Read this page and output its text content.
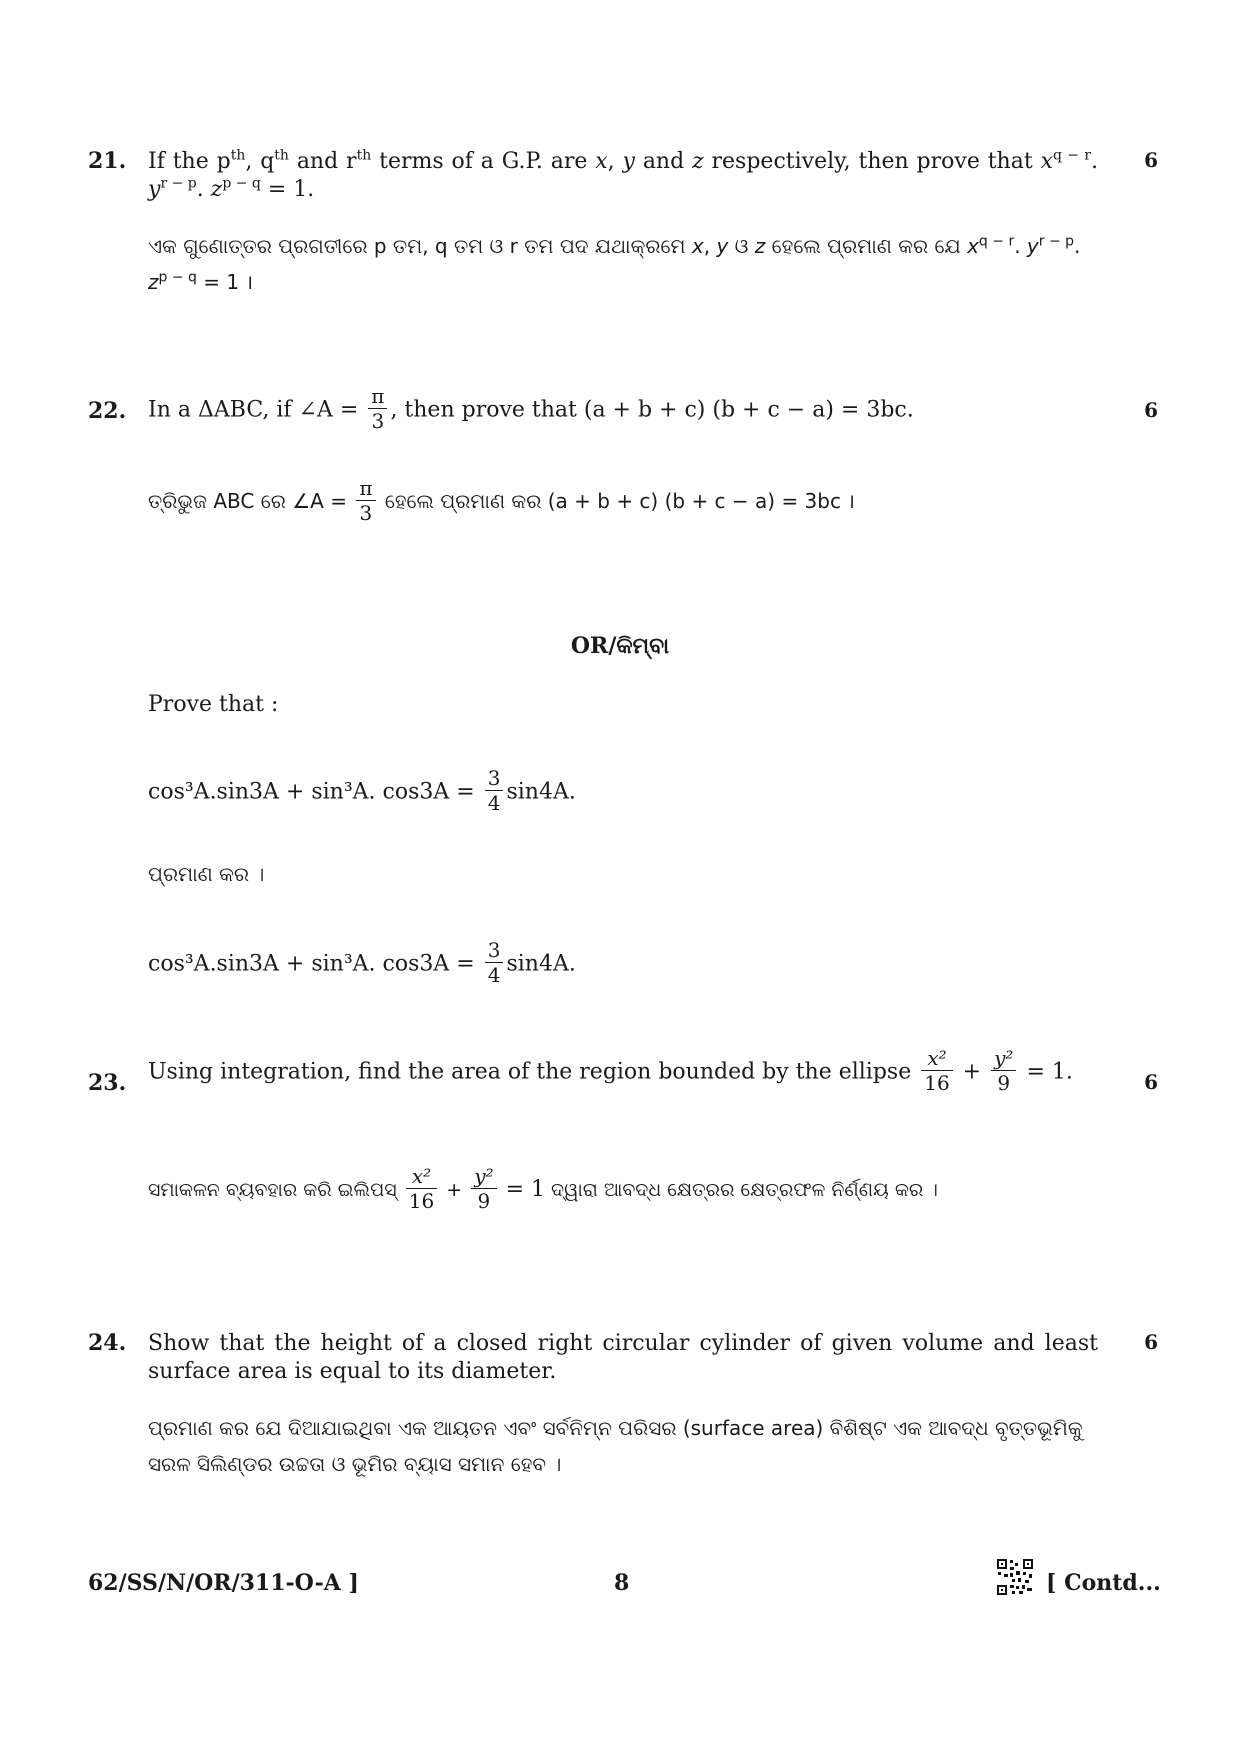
21.	6
If the $p^{th}$, $q^{th}$ and $r^{th}$ terms of a G.P. are x, y and z respectively, then prove that $x^{q - r}$. $y^{r - p}$. $z^{p - q} = 1$.
ଏକ ଗୁଣୋତ୍ତର ପ୍ରଗତୀରେ p ତମ, q ତମ ଓ r ତମ ପଦ ଯଥାକ୍ରମେ x, y ଓ z ହେଲେ ପ୍ରମାଣ କର ଯେ $x^{q - r}$. $y^{r - p}$. $z^{p - q} = 1$ ।
22.	6
In a ΔABC, if ∠A = $\frac{\pi}{3}$ , then prove that (a + b + c) (b + c − a) = 3bc.
ତ୍ରିଭୁଜ ABC ରେ ∠A = $\frac{\pi}{3}$ ହେଲେ ପ୍ରମାଣ କର (a + b + c) (b + c − a) = 3bc ।
OR/କିମ୍ବା
Prove that :
cos³A.sin3A + sin³A. $\cos 3A = \frac{3}{4} \sin 4A$.
ପ୍ରମାଣ କର ।
cos³A.sin3A + sin³A. $\cos 3A = \frac{3}{4} \sin 4A$.
23.	6
Using integration, find the area of the region bounded by the ellipse $\frac{\text{x²}}{16} + \frac{\text{y²}}{9} = 1$.
ସମାକଳନ ବ୍ୟବହାର କରି ଇଲିପସ୍ $\frac{\text{x²}}{16} + \frac{\text{y²}}{9} = 1$ ଦ୍ୱାରା ଆବଦ୍ଧ କ୍ଷେତ୍ରର କ୍ଷେତ୍ରଫଳ ନିର୍ଣ୍ଣୟ କର ।
24.	6
Show that the height of a closed right circular cylinder of given volume and least surface area is equal to its diameter.
ପ୍ରମାଣ କର ଯେ ଦିଆଯାଇଥିବା ଏକ ଆୟତନ ଏବଂ ସର୍ବନିମ୍ନ ପରିସର (surface area) ବିଶିଷ୍ଟ ଏକ ଆବଦ୍ଧ ବୃତ୍ତଭୂମିକୁ ସରଳ ସିଲିଣ୍ଡର ଉଚ୍ଚତା ଓ ଭୂମିର ବ୍ୟାସ ସମାନ ହେବ ।
62/SS/N/OR/311-O-A ]	8	[ Contd...
